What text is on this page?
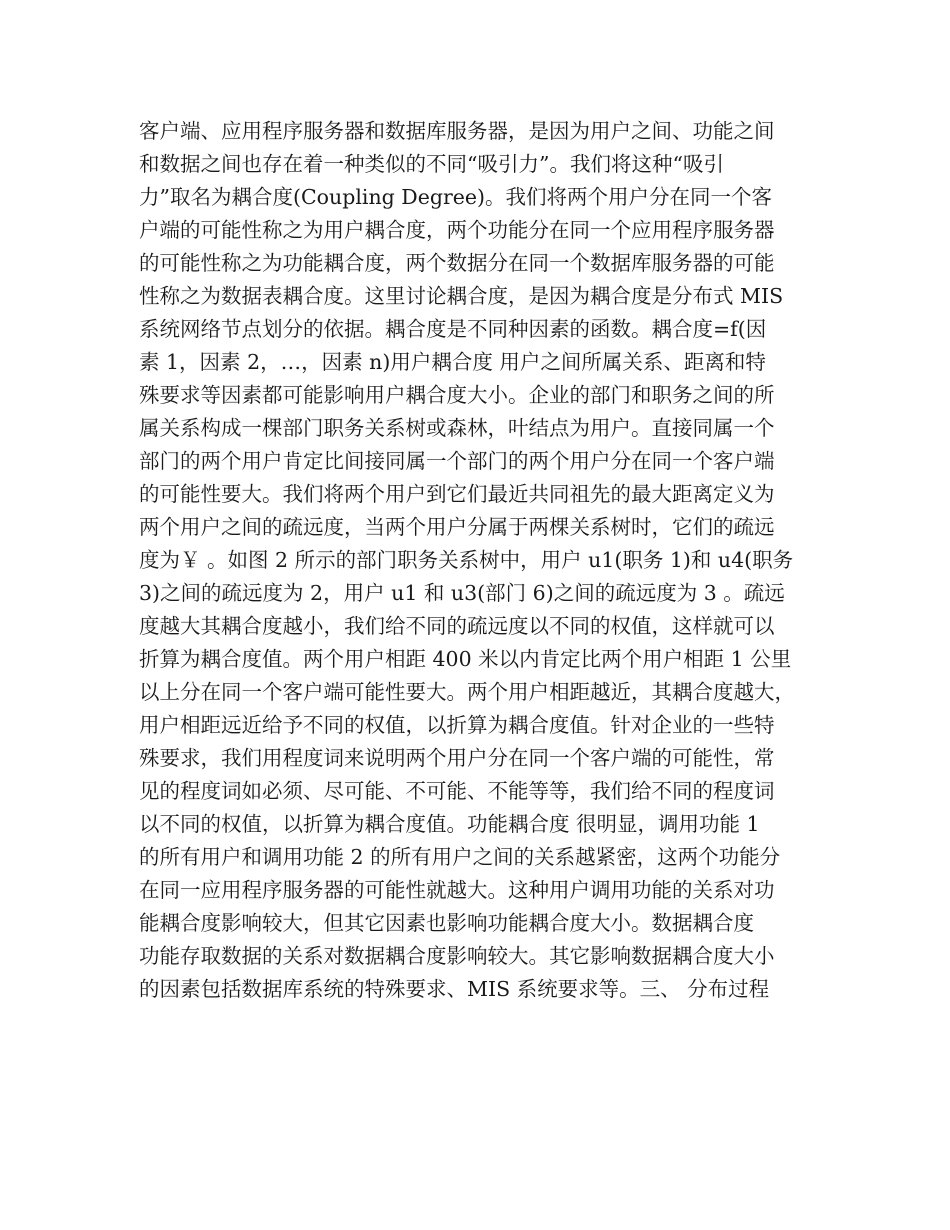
客户端、应用程序服务器和数据库服务器，是因为用户之间、功能之间
和数据之间也存在着一种类似的不同“吸引力”。我们将这种“吸引
力”取名为耦合度(Coupling Degree)。我们将两个用户分在同一个客
户端的可能性称之为用户耦合度，两个功能分在同一个应用程序服务器
的可能性称之为功能耦合度，两个数据分在同一个数据库服务器的可能
性称之为数据表耦合度。这里讨论耦合度，是因为耦合度是分布式 MIS
系统网络节点划分的依据。耦合度是不同种因素的函数。耦合度=f(因
素 1，因素 2，…，因素 n)用户耦合度 用户之间所属关系、距离和特
殊要求等因素都可能影响用户耦合度大小。企业的部门和职务之间的所
属关系构成一棵部门职务关系树或森林，叶结点为用户。直接同属一个
部门的两个用户肯定比间接同属一个部门的两个用户分在同一个客户端
的可能性要大。我们将两个用户到它们最近共同祖先的最大距离定义为
两个用户之间的疏远度，当两个用户分属于两棵关系树时，它们的疏远
度为￥ 。如图 2 所示的部门职务关系树中，用户 u1(职务 1)和 u4(职务
3)之间的疏远度为 2，用户 u1 和 u3(部门 6)之间的疏远度为 3 。疏远
度越大其耦合度越小，我们给不同的疏远度以不同的权值，这样就可以
折算为耦合度值。两个用户相距 400 米以内肯定比两个用户相距 1 公里
以上分在同一个客户端可能性要大。两个用户相距越近，其耦合度越大，
用户相距远近给予不同的权值，以折算为耦合度值。针对企业的一些特
殊要求，我们用程度词来说明两个用户分在同一个客户端的可能性，常
见的程度词如必须、尽可能、不可能、不能等等，我们给不同的程度词
以不同的权值，以折算为耦合度值。功能耦合度 很明显，调用功能 1
的所有用户和调用功能 2 的所有用户之间的关系越紧密，这两个功能分
在同一应用程序服务器的可能性就越大。这种用户调用功能的关系对功
能耦合度影响较大，但其它因素也影响功能耦合度大小。数据耦合度
功能存取数据的关系对数据耦合度影响较大。其它影响数据耦合度大小
的因素包括数据库系统的特殊要求、MIS 系统要求等。三、 分布过程
